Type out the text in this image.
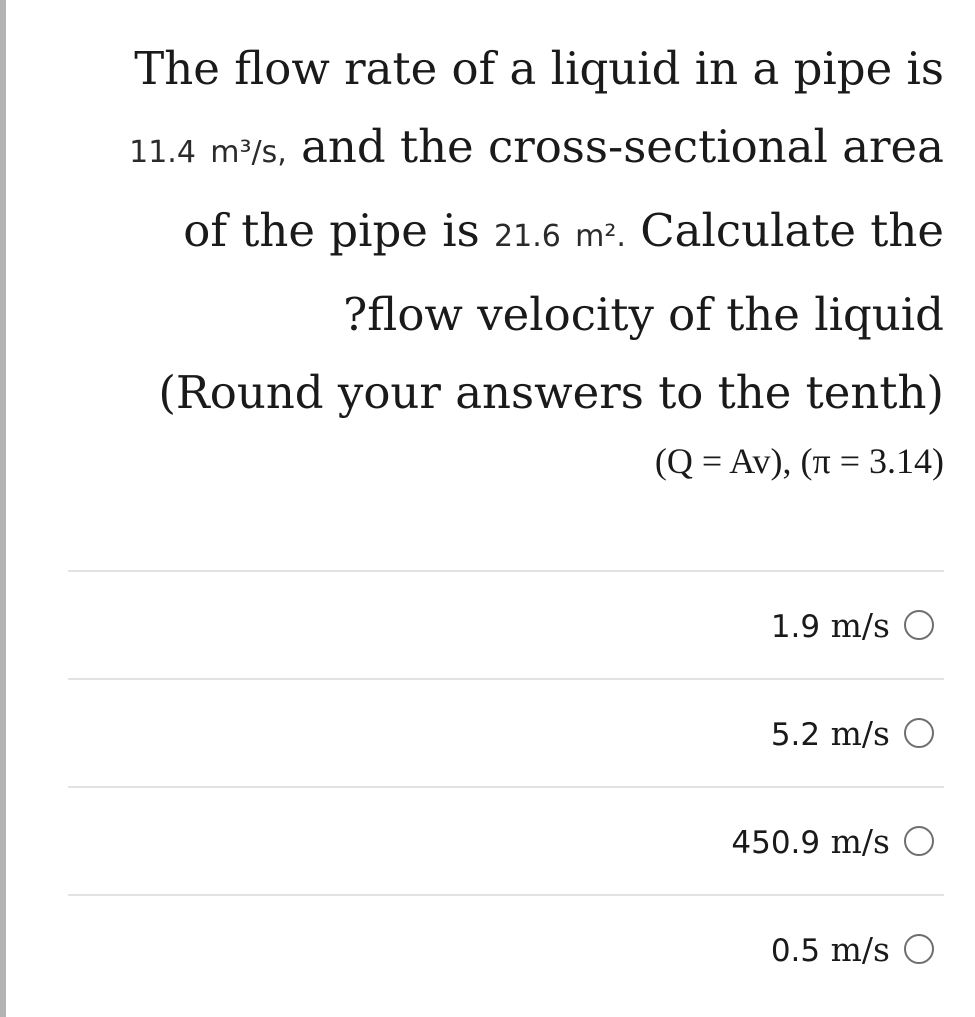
The flow rate of a liquid in a pipe is
11.4 m³/s, and the cross-sectional area
of the pipe is 21.6 m². Calculate the
?flow velocity of the liquid
(Round your answers to the tenth)
(Q = Av), (π = 3.14)
1.9 m/s
5.2 m/s
450.9 m/s
0.5 m/s
